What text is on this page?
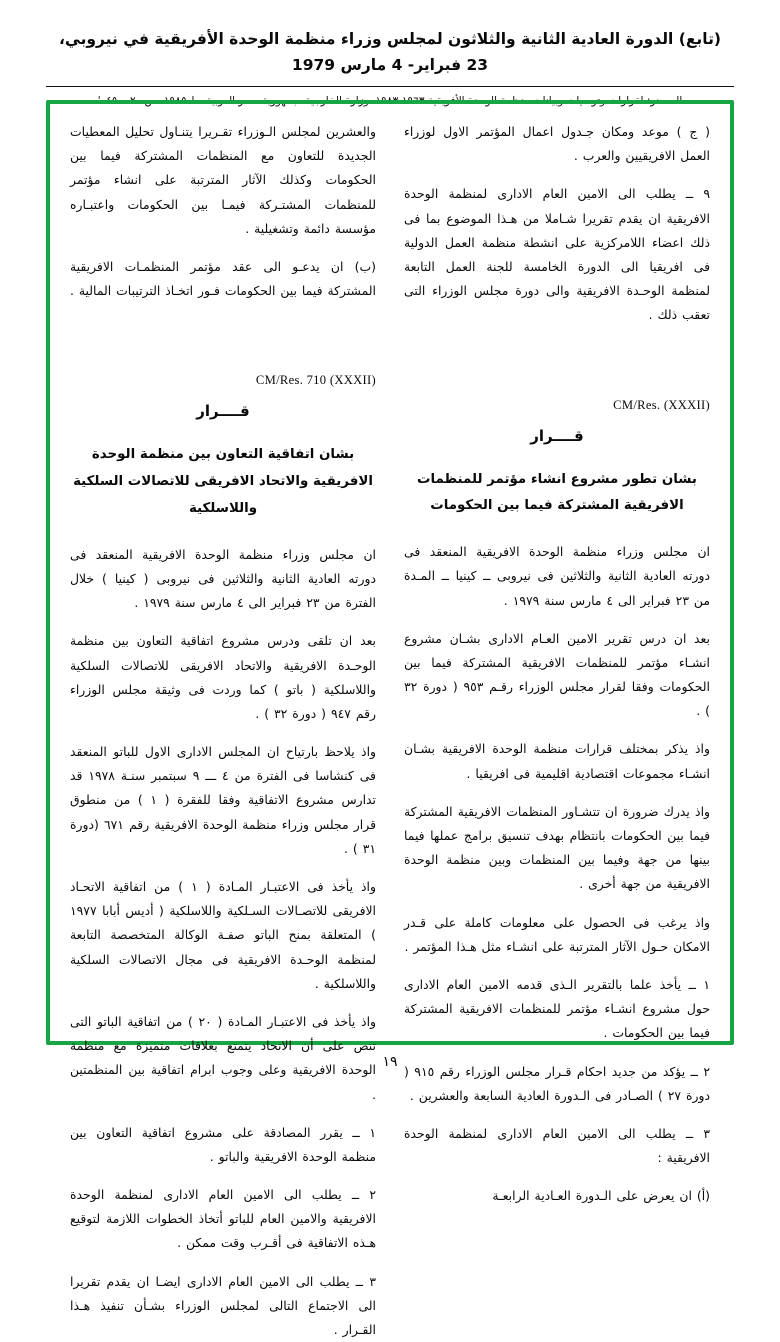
(تابع) الدورة العادية الثانية والثلاثون لمجلس وزراء منظمة الوحدة الأفريقية في نيروبي، 23 فبراير- 4 مارس 1979
المصدر: لقرارات وتوصيات وبيانات منظمة الوحدة الأفريقية ١٩٦٣-١٩٨٣، وزارة الخارجية، جمهورية مصر العربية، ط ١٩٨٥، ص ٢٠ ـــ٤٥ه'

( ج ) موعد ومكان جـدول اعمال المؤتمر الاول لوزراء العمل الافريقيين والعرب .

٩ ــ يطلب الى الامين العام الادارى لمنظمة الوحدة الافريقية ان يقدم تقريرا شـاملا من هـذا الموضوع بما فى ذلك اعضاء اللامركزية على انشطة منظمة العمل الدولية فى افريقيا الى الدورة الخامسة للجنة العمل التابعة لمنظمة الوحـدة الافريقية والى دورة مجلس الوزراء التى تعقب ذلك .

CM/Res. (XXXII)
قــــرار
بشان تطور مشروع انشاء مؤتمر للمنظمات الافريقية المشتركة فيما بين الحكومات

ان مجلس وزراء منظمة الوحدة الافريقية المنعقد فى دورته العادية الثانية والثلاثين فى نيروبى ــ كينيا ــ المـدة من ٢٣ فبراير الى ٤ مارس سنة ١٩٧٩ .

بعد ان درس تقرير الامين العـام الادارى بشـان مشروع انشـاء مؤتمر للمنظمات الافريقية المشتركة فيما بين الحكومات وفقا لقرار مجلس الوزراء رقـم ٩٥٣ ( دورة ٣٢ ) .

واذ يذكر بمختلف قرارات منظمة الوحدة الافريقية بشـان انشـاء مجموعات اقتصادية اقليمية فى افريقيا .

واذ يدرك ضرورة ان تتشـاور المنظمات الافريقية المشتركة فيما بين الحكومات بانتظام بهدف تنسيق برامج عملها فيما بينها من جهة وفيما بين المنظمات وبين منظمة الوحدة الافريقية من جهة أخرى .

واذ يرغب فى الحصول على معلومات كاملة على قـدر الامكان حـول الآثار المترتبة على انشـاء مثل هـذا المؤتمر .

١ ــ يأخذ علما بالتقرير الـذى قدمه الامين العام الادارى حول مشروع انشـاء مؤتمر للمنظمات الافريقية المشتركة فيما بين الحكومات .

٢ ــ يؤكد من جديد احكام قـرار مجلس الوزراء رقم ٩١٥ ( دورة ٢٧ ) الصـادر فى الـدورة العادية السابعة والعشرين .

٣ ــ يطلب الى الامين العام الادارى لمنظمة الوحدة الافريقية :

(أ) ان يعرض على الـدورة العـادية الرابعـة

والعشرين لمجلس الـوزراء تقـريرا يتنـاول تحليل المعطيات الجديدة للتعاون مع المنظمات المشتركة فيما بين الحكومات وكذلك الآثار المترتبة على انشاء مؤتمر للمنظمات المشتـركة فيمـا بين الحكومات واعتبـاره مؤسسة دائمة وتشغيلية .

(ب) ان يدعـو الى عقد مؤتمر المنظمـات الافريقية المشتركة فيما بين الحكومات فـور اتخـاذ الترتيبات المالية .

CM/Res. 710 (XXXII)
قــــرار
بشان اتفاقية التعاون بين منظمة الوحدة الافريقية والاتحاد الافريقى للاتصالات السلكية واللاسلكية

ان مجلس وزراء منظمة الوحدة الافريقية المنعقد فى دورته العادية الثانية والثلاثين فى نيروبى ( كينيا ) خلال الفترة من ٢٣ فبراير الى ٤ مارس سنة ١٩٧٩ .

بعد ان تلقى ودرس مشروع اتفاقية التعاون بين منظمة الوحـدة الافريقية والاتحاد الافريقى للاتصالات السلكية واللاسلكية ( باتو ) كما وردت فى وثيقة مجلس الوزراء رقم ٩٤٧ ( دورة ٣٢ ) .

واذ يلاحظ بارتياح ان المجلس الادارى الاول للباتو المنعقد فى كنشاسا فى الفترة من ٤ ـــ ٩ سبتمبر سنـة ١٩٧٨ قد تدارس مشروع الاتفاقية وفقا للفقرة ( ١ ) من منطوق قرار مجلس وزراء منظمة الوحدة الافريقية رقم ٦٧١ (دورة ٣١ ) .

واذ يأخذ فى الاعتبـار المـادة ( ١ ) من اتفاقية الاتحـاد الافريقى للاتصـالات السـلكية واللاسلكية ( أديس أبابا ١٩٧٧ ) المتعلقة بمنح الباتو صفـة الوكالة المتخصصة التابعة لمنظمة الوحـدة الافريقية فى مجال الاتصالات السلكية واللاسلكية .

واذ يأخذ فى الاعتبـار المـادة ( ٢٠ ) من اتفاقية الباتو التى تنص على أن الاتحاد يتمتع بعلاقات متميزة مع منظمة الوحدة الافريقية وعلى وجوب ابرام اتفاقية بين المنظمتين .

١ ــ يقرر المصادقة على مشروع اتفاقية التعاون بين منظمة الوحدة الافريقية والباتو .

٢ ــ يطلب الى الامين العام الادارى لمنظمة الوحدة الافريقية والامين العام للباتو أتخاذ الخطوات اللازمة لتوقيع هـذه الاتفاقية فى أقـرب وقت ممكن .

٣ ــ يطلب الى الامين العام الادارى ايضـا ان يقدم تقريرا الى الاجتماع التالى لمجلس الوزراء بشـأن تنفيذ هـذا القـرار .

١٩
